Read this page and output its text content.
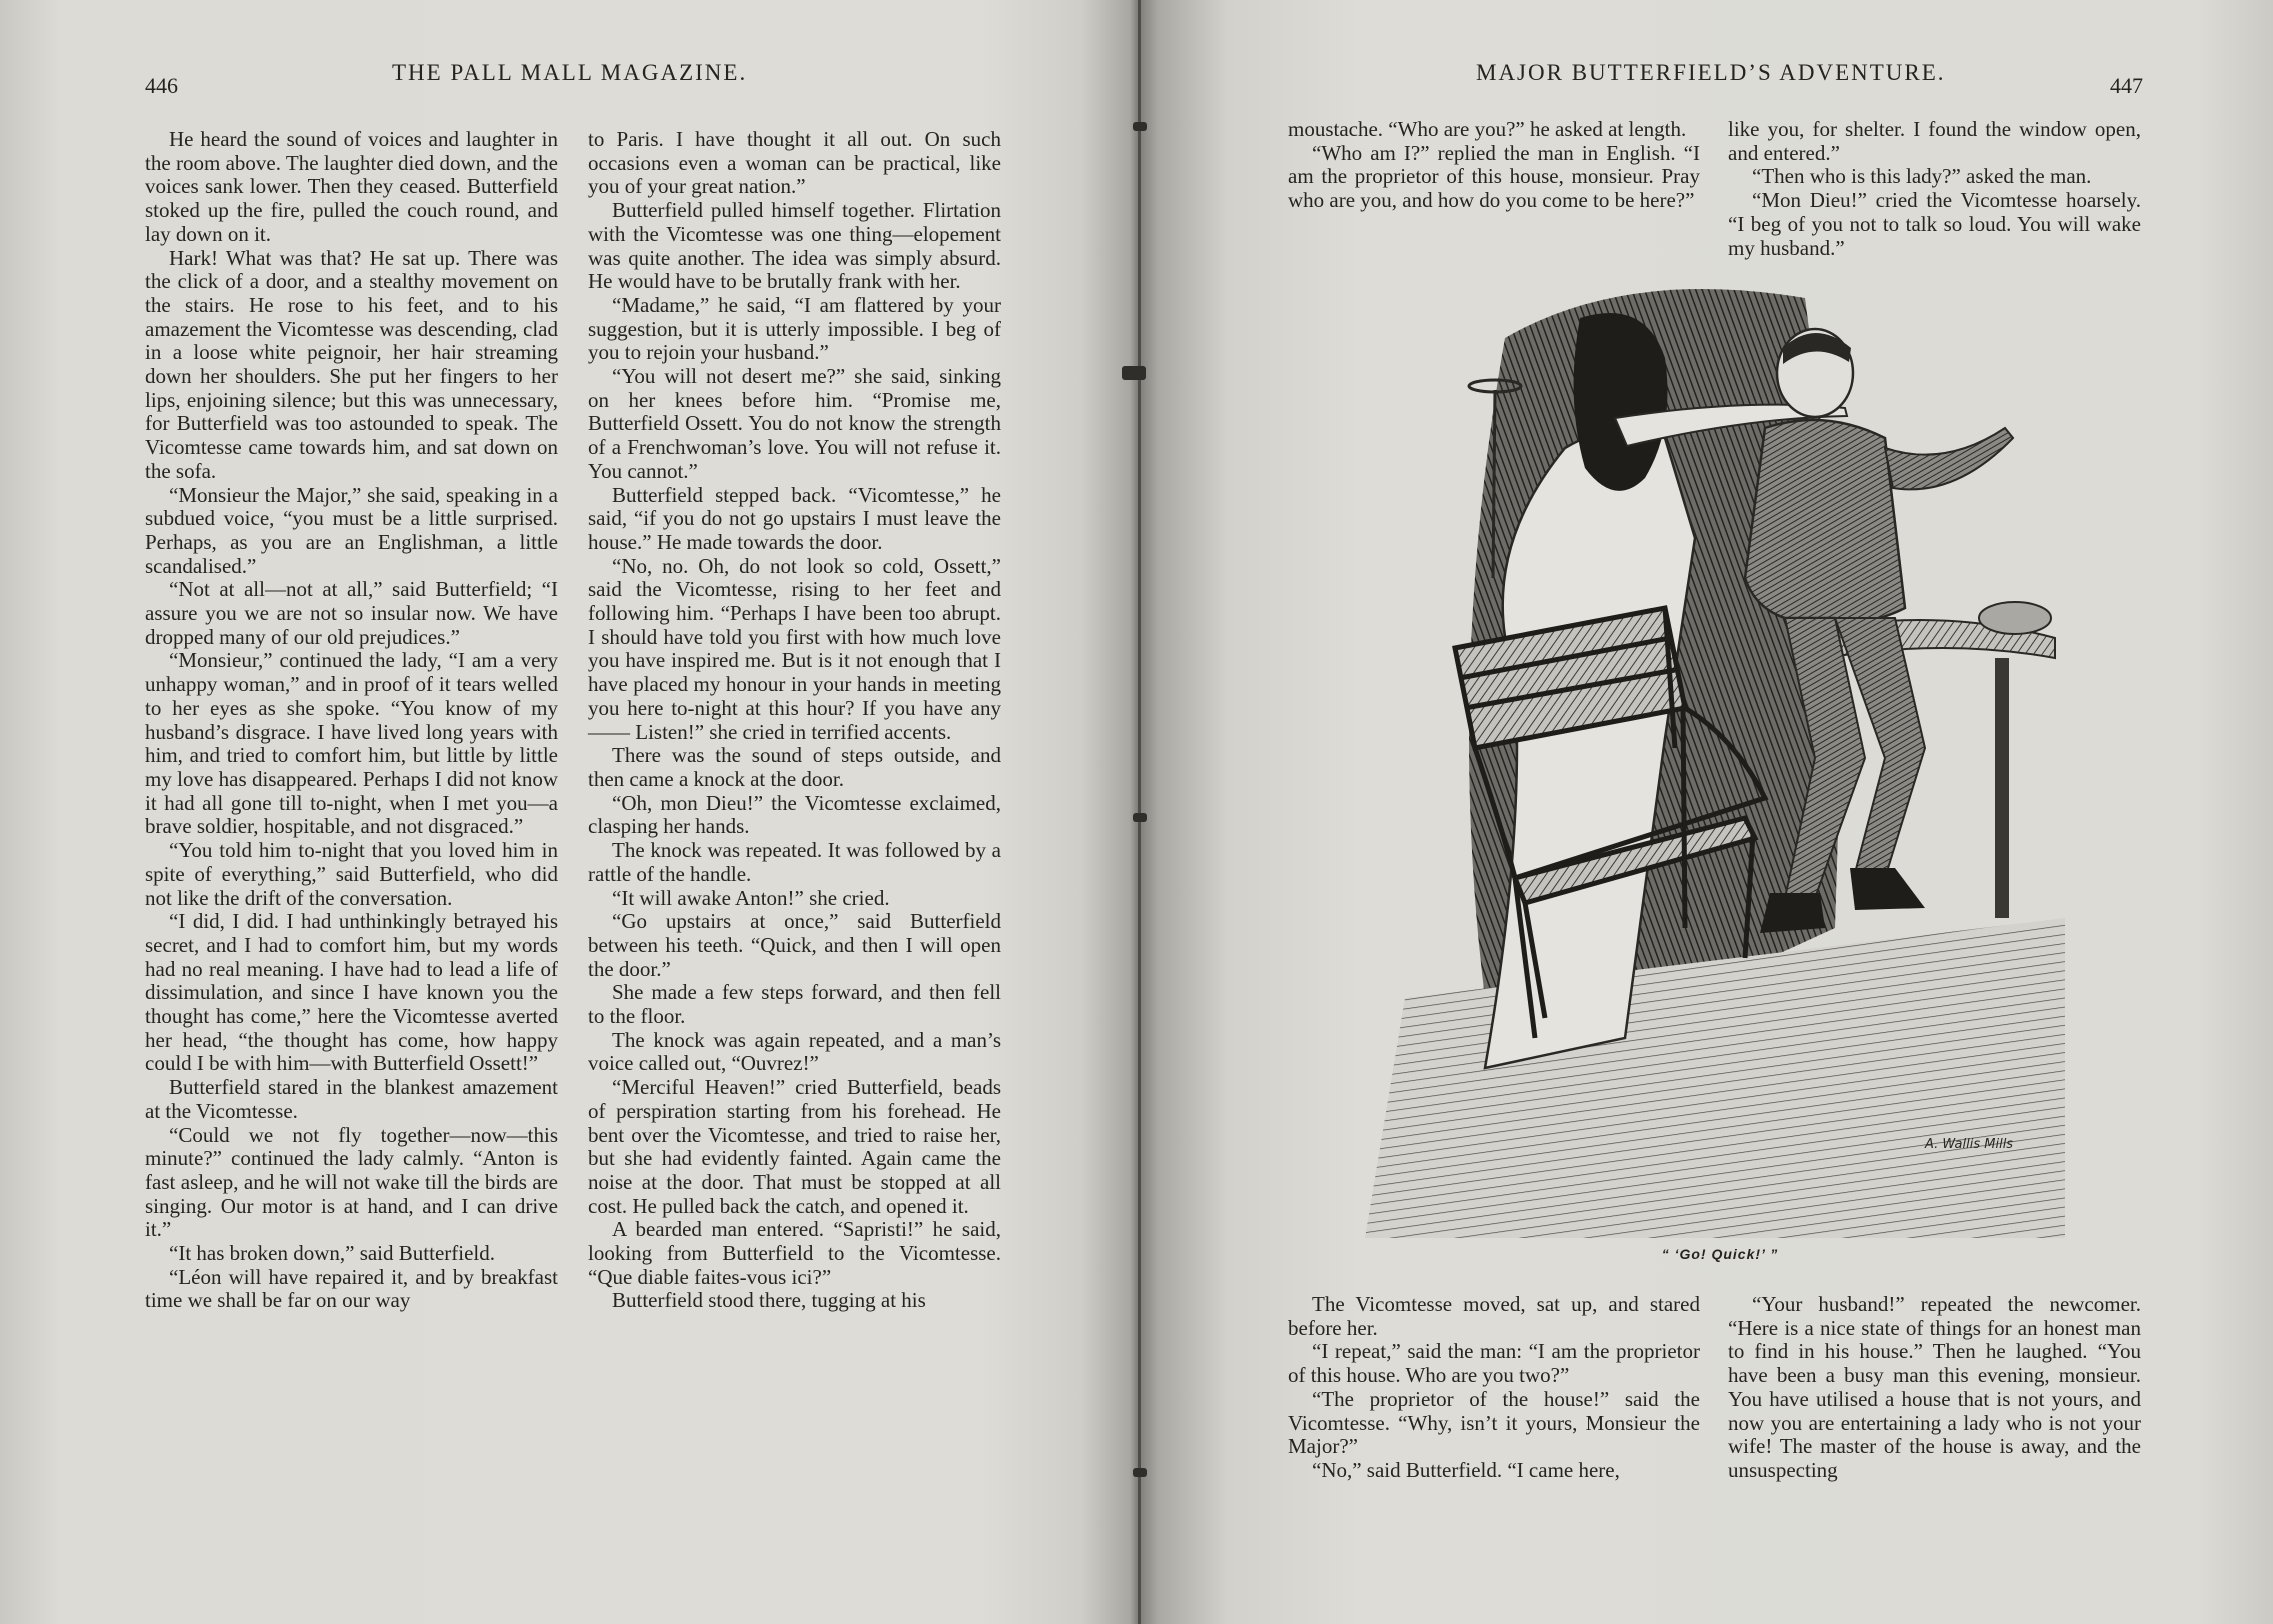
446
THE PALL MALL MAGAZINE.

He heard the sound of voices and laughter in the room above. The laughter died down, and the voices sank lower. Then they ceased. Butterfield stoked up the fire, pulled the couch round, and lay down on it.

Hark! What was that? He sat up. There was the click of a door, and a stealthy movement on the stairs. He rose to his feet, and to his amazement the Vicomtesse was descending, clad in a loose white peignoir, her hair streaming down her shoulders. She put her fingers to her lips, enjoining silence; but this was unnecessary, for Butterfield was too astounded to speak. The Vicomtesse came towards him, and sat down on the sofa.

“Monsieur the Major,” she said, speaking in a subdued voice, “you must be a little surprised. Perhaps, as you are an Englishman, a little scandalised.”

“Not at all—not at all,” said Butterfield; “I assure you we are not so insular now. We have dropped many of our old prejudices.”

“Monsieur,” continued the lady, “I am a very unhappy woman,” and in proof of it tears welled to her eyes as she spoke. “You know of my husband’s disgrace. I have lived long years with him, and tried to comfort him, but little by little my love has disappeared. Perhaps I did not know it had all gone till to-night, when I met you—a brave soldier, hospitable, and not disgraced.”

“You told him to-night that you loved him in spite of everything,” said Butterfield, who did not like the drift of the conversation.

“I did, I did. I had unthinkingly betrayed his secret, and I had to comfort him, but my words had no real meaning. I have had to lead a life of dissimulation, and since I have known you the thought has come,” here the Vicomtesse averted her head, “the thought has come, how happy could I be with him—with Butterfield Ossett!”

Butterfield stared in the blankest amazement at the Vicomtesse.

“Could we not fly together—now—this minute?” continued the lady calmly. “Anton is fast asleep, and he will not wake till the birds are singing. Our motor is at hand, and I can drive it.”

“It has broken down,” said Butterfield.

“Léon will have repaired it, and by breakfast time we shall be far on our way

to Paris. I have thought it all out. On such occasions even a woman can be practical, like you of your great nation.”

Butterfield pulled himself together. Flirtation with the Vicomtesse was one thing—elopement was quite another. The idea was simply absurd. He would have to be brutally frank with her.

“Madame,” he said, “I am flattered by your suggestion, but it is utterly impossible. I beg of you to rejoin your husband.”

“You will not desert me?” she said, sinking on her knees before him. “Promise me, Butterfield Ossett. You do not know the strength of a Frenchwoman’s love. You will not refuse it. You cannot.”

Butterfield stepped back. “Vicomtesse,” he said, “if you do not go upstairs I must leave the house.” He made towards the door.

“No, no. Oh, do not look so cold, Ossett,” said the Vicomtesse, rising to her feet and following him. “Perhaps I have been too abrupt. I should have told you first with how much love you have inspired me. But is it not enough that I have placed my honour in your hands in meeting you here to-night at this hour? If you have any—— Listen!” she cried in terrified accents.

There was the sound of steps outside, and then came a knock at the door.

“Oh, mon Dieu!” the Vicomtesse exclaimed, clasping her hands.

The knock was repeated. It was followed by a rattle of the handle.

“It will awake Anton!” she cried.

“Go upstairs at once,” said Butterfield between his teeth. “Quick, and then I will open the door.”

She made a few steps forward, and then fell to the floor.

The knock was again repeated, and a man’s voice called out, “Ouvrez!”

“Merciful Heaven!” cried Butterfield, beads of perspiration starting from his forehead. He bent over the Vicomtesse, and tried to raise her, but she had evidently fainted. Again came the noise at the door. That must be stopped at all cost. He pulled back the catch, and opened it.

A bearded man entered. “Sapristi!” he said, looking from Butterfield to the Vicomtesse. “Que diable faites-vous ici?”

Butterfield stood there, tugging at his

MAJOR BUTTERFIELD’S ADVENTURE.
447

moustache. “Who are you?” he asked at length.

“Who am I?” replied the man in English. “I am the proprietor of this house, monsieur. Pray who are you, and how do you come to be here?”

like you, for shelter. I found the window open, and entered.”

“Then who is this lady?” asked the man.

“Mon Dieu!” cried the Vicomtesse hoarsely. “I beg of you not to talk so loud. You will wake my husband.”

The Vicomtesse moved, sat up, and stared before her.

“I repeat,” said the man: “I am the proprietor of this house. Who are you two?”

“The proprietor of the house!” said the Vicomtesse. “Why, isn’t it yours, Monsieur the Major?”

“No,” said Butterfield. “I came here,

“Your husband!” repeated the newcomer. “Here is a nice state of things for an honest man to find in his house.” Then he laughed. “You have been a busy man this evening, monsieur. You have utilised a house that is not yours, and now you are entertaining a lady who is not your wife! The master of the house is away, and the unsuspecting

A. Wallis Mills
“ ‘Go! Quick!’ ”
